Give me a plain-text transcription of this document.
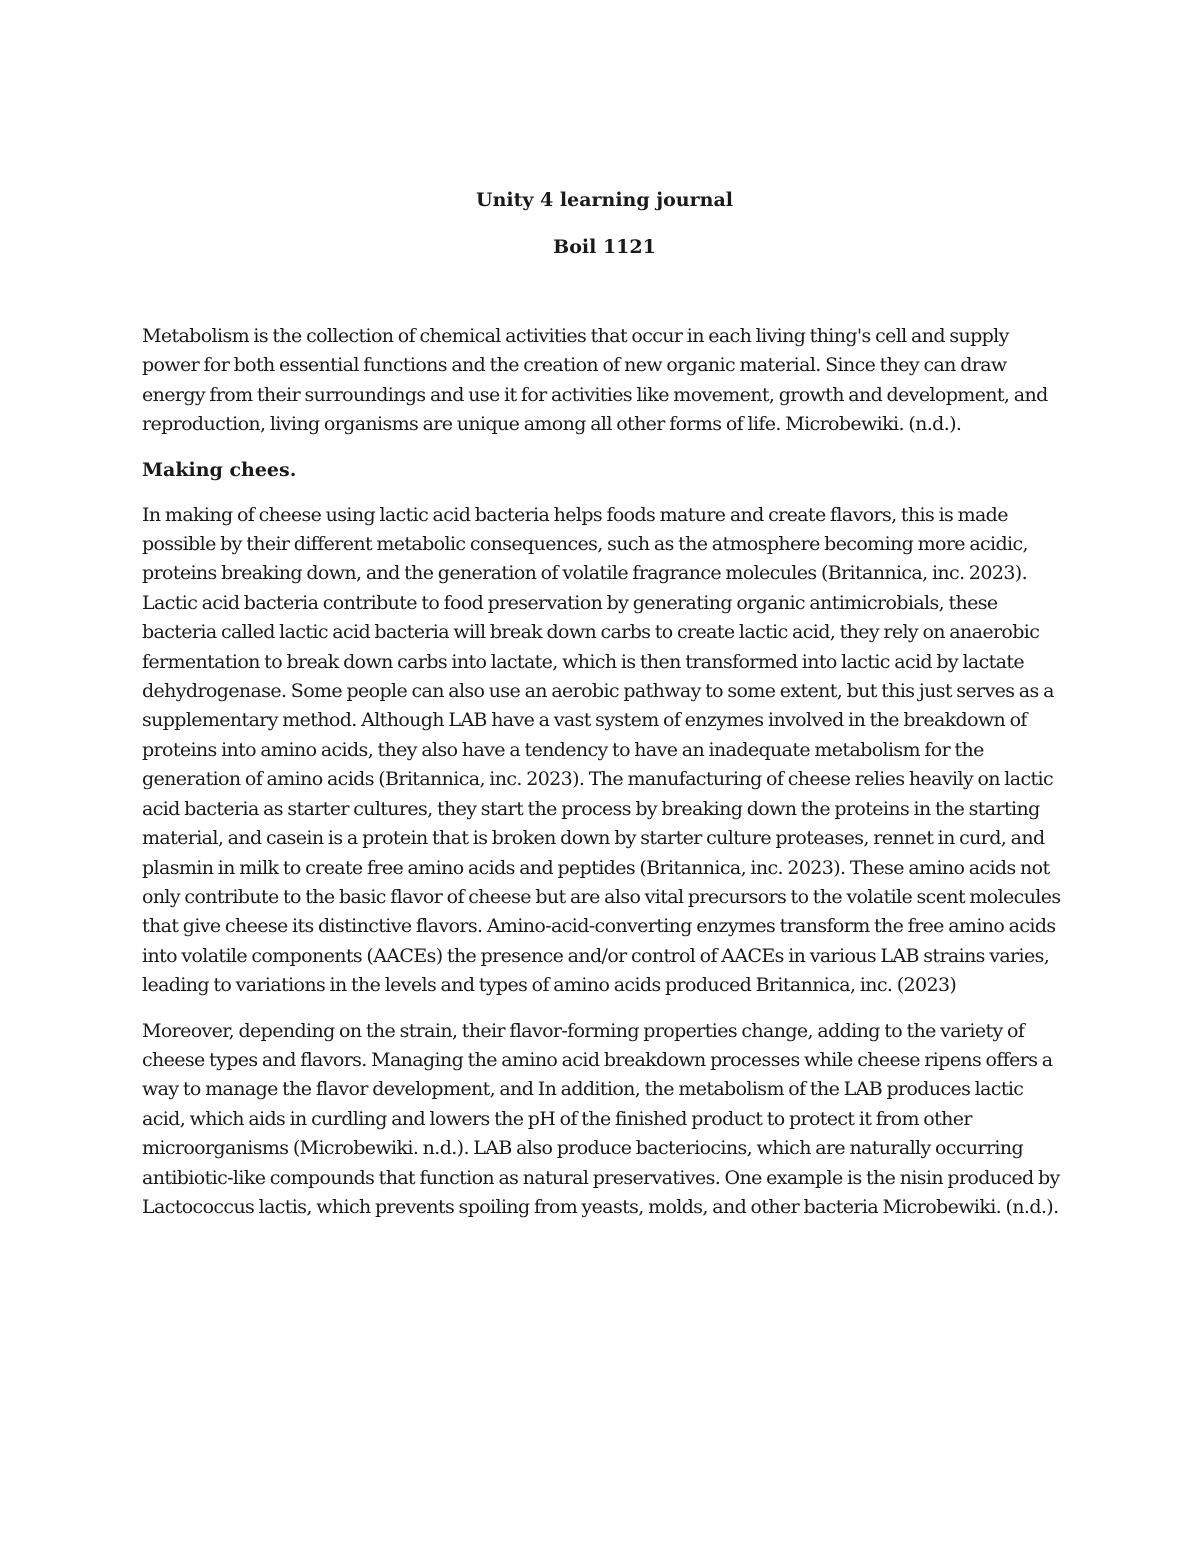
Unity 4 learning journal
Boil 1121

Metabolism is the collection of chemical activities that occur in each living thing's cell and supply power for both essential functions and the creation of new organic material. Since they can draw energy from their surroundings and use it for activities like movement, growth and development, and reproduction, living organisms are unique among all other forms of life. Microbewiki. (n.d.).

Making chees.

In making of cheese using lactic acid bacteria helps foods mature and create flavors, this is made possible by their different metabolic consequences, such as the atmosphere becoming more acidic, proteins breaking down, and the generation of volatile fragrance molecules (Britannica, inc. 2023). Lactic acid bacteria contribute to food preservation by generating organic antimicrobials, these bacteria called lactic acid bacteria will break down carbs to create lactic acid, they rely on anaerobic fermentation to break down carbs into lactate, which is then transformed into lactic acid by lactate dehydrogenase. Some people can also use an aerobic pathway to some extent, but this just serves as a supplementary method. Although LAB have a vast system of enzymes involved in the breakdown of proteins into amino acids, they also have a tendency to have an inadequate metabolism for the generation of amino acids (Britannica, inc. 2023). The manufacturing of cheese relies heavily on lactic acid bacteria as starter cultures, they start the process by breaking down the proteins in the starting material, and casein is a protein that is broken down by starter culture proteases, rennet in curd, and plasmin in milk to create free amino acids and peptides (Britannica, inc. 2023). These amino acids not only contribute to the basic flavor of cheese but are also vital precursors to the volatile scent molecules that give cheese its distinctive flavors. Amino-acid-converting enzymes transform the free amino acids into volatile components (AACEs) the presence and/or control of AACEs in various LAB strains varies, leading to variations in the levels and types of amino acids produced Britannica, inc. (2023)

Moreover, depending on the strain, their flavor-forming properties change, adding to the variety of cheese types and flavors. Managing the amino acid breakdown processes while cheese ripens offers a way to manage the flavor development, and In addition, the metabolism of the LAB produces lactic acid, which aids in curdling and lowers the pH of the finished product to protect it from other microorganisms (Microbewiki. n.d.). LAB also produce bacteriocins, which are naturally occurring antibiotic-like compounds that function as natural preservatives. One example is the nisin produced by Lactococcus lactis, which prevents spoiling from yeasts, molds, and other bacteria Microbewiki. (n.d.).
